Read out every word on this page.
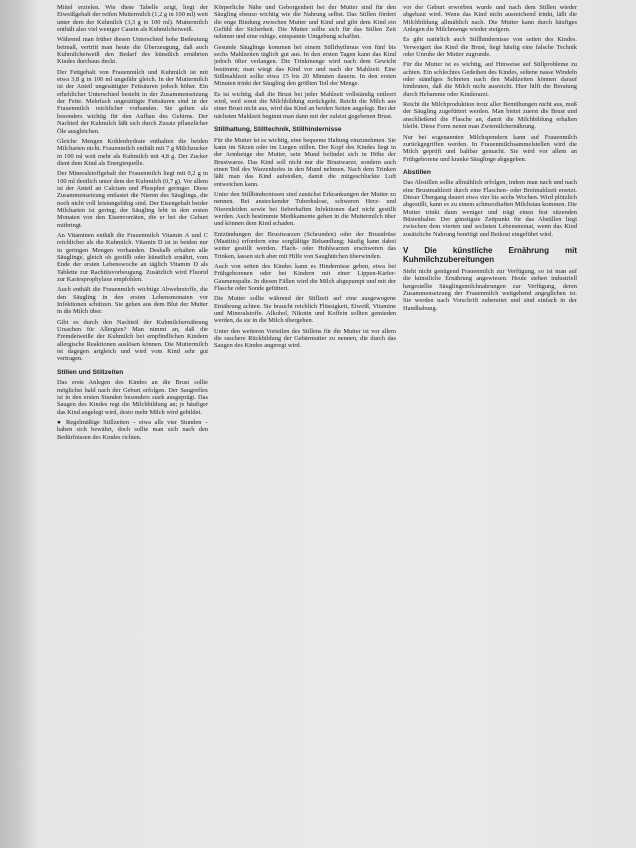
Mittel erzielen. Wie diese Tabelle zeigt, liegt der Eiweißgehalt der reifen Muttermilch (1,2 g in 100 ml) weit unter dem der Kuhmilch (3,3 g in 100 ml). Muttermilch enthält also viel weniger Casein als Kuhmilcheiweiß.

Während man früher diesen Unterschied hohe Bedeutung beimaß, vertritt man heute die Überzeugung, daß auch Kuhmilcheiweiß den Bedarf des künstlich ernährten Kindes durchaus deckt.

Der Fettgehalt von Frauenmilch und Kuhmilch ist mit etwa 3,8 g in 100 ml ungefähr gleich. In der Muttermilch ist der Anteil ungesättigter Fettsäuren jedoch höher. Ein erheblicher Unterschied besteht in der Zusammensetzung der Fette. Mehrfach ungesättigte Fettsäuren sind in der Frauenmilch reichlicher vorhanden. Sie gelten als besonders wichtig für den Aufbau des Gehirns. Der Nachteil der Kuhmilch läßt sich durch Zusatz pflanzlicher Öle ausgleichen.

Gleiche Mengen Kohlenhydrate enthalten die beiden Milcharten nicht. Frauenmilch enthält mit 7 g Milchzucker in 100 ml weit mehr als Kuhmilch mit 4,8 g. Der Zucker dient dem Kind als Energiequelle.

Der Mineralstoffgehalt der Frauenmilch liegt mit 0,2 g in 100 ml deutlich unter dem der Kuhmilch (0,7 g). Vor allem ist der Anteil an Calcium und Phosphor geringer. Diese Zusammensetzung entlastet die Nieren des Säuglings, die noch nicht voll leistungsfähig sind. Der Eisengehalt beider Milcharten ist gering; der Säugling lebt in den ersten Monaten von den Eisenvorräten, die er bei der Geburt mitbringt.

An Vitaminen enthält die Frauenmilch Vitamin A und C reichlicher als die Kuhmilch. Vitamin D ist in beiden nur in geringen Mengen vorhanden. Deshalb erhalten alle Säuglinge, gleich ob gestillt oder künstlich ernährt, vom Ende der ersten Lebenswoche an täglich Vitamin D als Tablette zur Rachitisvorbeugung. Zusätzlich wird Fluorid zur Kariesprophylaxe empfohlen.

Auch enthält die Frauenmilch wichtige Abwehrstoffe, die den Säugling in den ersten Lebensmonaten vor Infektionen schützen. Sie gehen aus dem Blut der Mutter in die Milch über.

Gibt es durch den Nachteil der Kuhmilchernährung Ursachen für Allergien? Man nimmt an, daß die Fremdeiweiße der Kuhmilch bei empfindlichen Kindern allergische Reaktionen auslösen können. Die Muttermilch ist dagegen artgleich und wird vom Kind sehr gut vertragen.

Stillen und Stillzeiten

Das erste Anlegen des Kindes an die Brust sollte möglichst bald nach der Geburt erfolgen. Der Saugreflex ist in den ersten Stunden besonders stark ausgeprägt. Das Saugen des Kindes regt die Milchbildung an; je häufiger das Kind angelegt wird, desto mehr Milch wird gebildet.

● Regelmäßige Stillzeiten – etwa alle vier Stunden – haben sich bewährt, doch sollte man sich nach den Bedürfnissen des Kindes richten.

Körperliche Nähe und Geborgenheit bei der Mutter sind für den Säugling ebenso wichtig wie die Nahrung selbst. Das Stillen fördert die enge Bindung zwischen Mutter und Kind und gibt dem Kind ein Gefühl der Sicherheit. Die Mutter sollte sich für das Stillen Zeit nehmen und eine ruhige, entspannte Umgebung schaffen.

Gesunde Säuglinge kommen bei einem Stillrhythmus von fünf bis sechs Mahlzeiten täglich gut aus. In den ersten Tagen kann das Kind jedoch öfter verlangen. Die Trinkmenge wird nach dem Gewicht bestimmt; man wiegt das Kind vor und nach der Mahlzeit. Eine Stillmahlzeit sollte etwa 15 bis 20 Minuten dauern. In den ersten Minuten trinkt der Säugling den größten Teil der Menge.

Es ist wichtig, daß die Brust bei jeder Mahlzeit vollständig entleert wird, weil sonst die Milchbildung zurückgeht. Reicht die Milch aus einer Brust nicht aus, wird das Kind an beiden Seiten angelegt. Bei der nächsten Mahlzeit beginnt man dann mit der zuletzt gegebenen Brust.

Stillhaltung, Stilltechnik, Stillhindernisse

Für die Mutter ist es wichtig, eine bequeme Haltung einzunehmen. Sie kann im Sitzen oder im Liegen stillen. Der Kopf des Kindes liegt in der Armbeuge der Mutter, sein Mund befindet sich in Höhe der Brustwarze. Das Kind soll nicht nur die Brustwarze, sondern auch einen Teil des Warzenhofes in den Mund nehmen. Nach dem Trinken läßt man das Kind aufstoßen, damit die mitgeschluckte Luft entweichen kann.

Unter den Stillhindernissen sind zunächst Erkrankungen der Mutter zu nennen. Bei ansteckender Tuberkulose, schweren Herz- und Nierenleiden sowie bei fieberhaften Infektionen darf nicht gestillt werden. Auch bestimmte Medikamente gehen in die Muttermilch über und können dem Kind schaden.

Entzündungen der Brustwarzen (Schrunden) oder der Brustdrüse (Mastitis) erfordern eine sorgfältige Behandlung; häufig kann dabei weiter gestillt werden. Flach- oder Hohlwarzen erschweren das Trinken, lassen sich aber mit Hilfe von Saughütchen überwinden.

Auch von seiten des Kindes kann es Hindernisse geben, etwa bei Frühgeborenen oder bei Kindern mit einer Lippen-Kiefer-Gaumenspalte. In diesen Fällen wird die Milch abgepumpt und mit der Flasche oder Sonde gefüttert.

Die Mutter sollte während der Stillzeit auf eine ausgewogene Ernährung achten. Sie braucht reichlich Flüssigkeit, Eiweiß, Vitamine und Mineralstoffe. Alkohol, Nikotin und Koffein sollten gemieden werden, da sie in die Milch übergehen.

Unter den weiteren Vorteilen des Stillens für die Mutter ist vor allem die raschere Rückbildung der Gebärmutter zu nennen, die durch das Saugen des Kindes angeregt wird.

vor der Geburt erworben wurde und nach dem Stillen wieder abgebaut wird. Wenn das Kind nicht ausreichend trinkt, läßt die Milchbildung allmählich nach. Die Mutter kann durch häufiges Anlegen die Milchmenge wieder steigern.

Es gibt natürlich auch Stillhindernisse von seiten des Kindes. Verweigert das Kind die Brust, liegt häufig eine falsche Technik oder Unruhe der Mutter zugrunde.

Für die Mutter ist es wichtig, auf Hinweise auf Stillprobleme zu achten. Ein schlechtes Gedeihen des Kindes, seltene nasse Windeln oder ständiges Schreien nach den Mahlzeiten können darauf hindeuten, daß die Milch nicht ausreicht. Hier hilft die Beratung durch Hebamme oder Kinderarzt.

Reicht die Milchproduktion trotz aller Bemühungen nicht aus, muß der Säugling zugefüttert werden. Man bietet zuerst die Brust und anschließend die Flasche an, damit die Milchbildung erhalten bleibt. Diese Form nennt man Zwiemilchernährung.

Nur bei sogenannten Milchspendern kann auf Frauenmilch zurückgegriffen werden. In Frauenmilchsammelstellen wird die Milch geprüft und haltbar gemacht. Sie wird vor allem an Frühgeborene und kranke Säuglinge abgegeben.

Abstillen

Das Abstillen sollte allmählich erfolgen, indem man nach und nach eine Brustmahlzeit durch eine Flaschen- oder Breimahlzeit ersetzt. Dieser Übergang dauert etwa vier bis sechs Wochen. Wird plötzlich abgestillt, kann es zu einem schmerzhaften Milchstau kommen. Die Mutter trinkt dann weniger und trägt einen fest sitzenden Büstenhalter. Der günstigste Zeitpunkt für das Abstillen liegt zwischen dem vierten und sechsten Lebensmonat, wenn das Kind zusätzliche Nahrung benötigt und Beikost eingeführt wird.

V Die künstliche Ernährung mit Kuhmilchzubereitungen

Steht nicht genügend Frauenmilch zur Verfügung, so ist man auf die künstliche Ernährung angewiesen. Heute stehen industriell hergestellte Säuglingsmilchnahrungen zur Verfügung, deren Zusammensetzung der Frauenmilch weitgehend angeglichen ist. Sie werden nach Vorschrift zubereitet und sind einfach in der Handhabung.
